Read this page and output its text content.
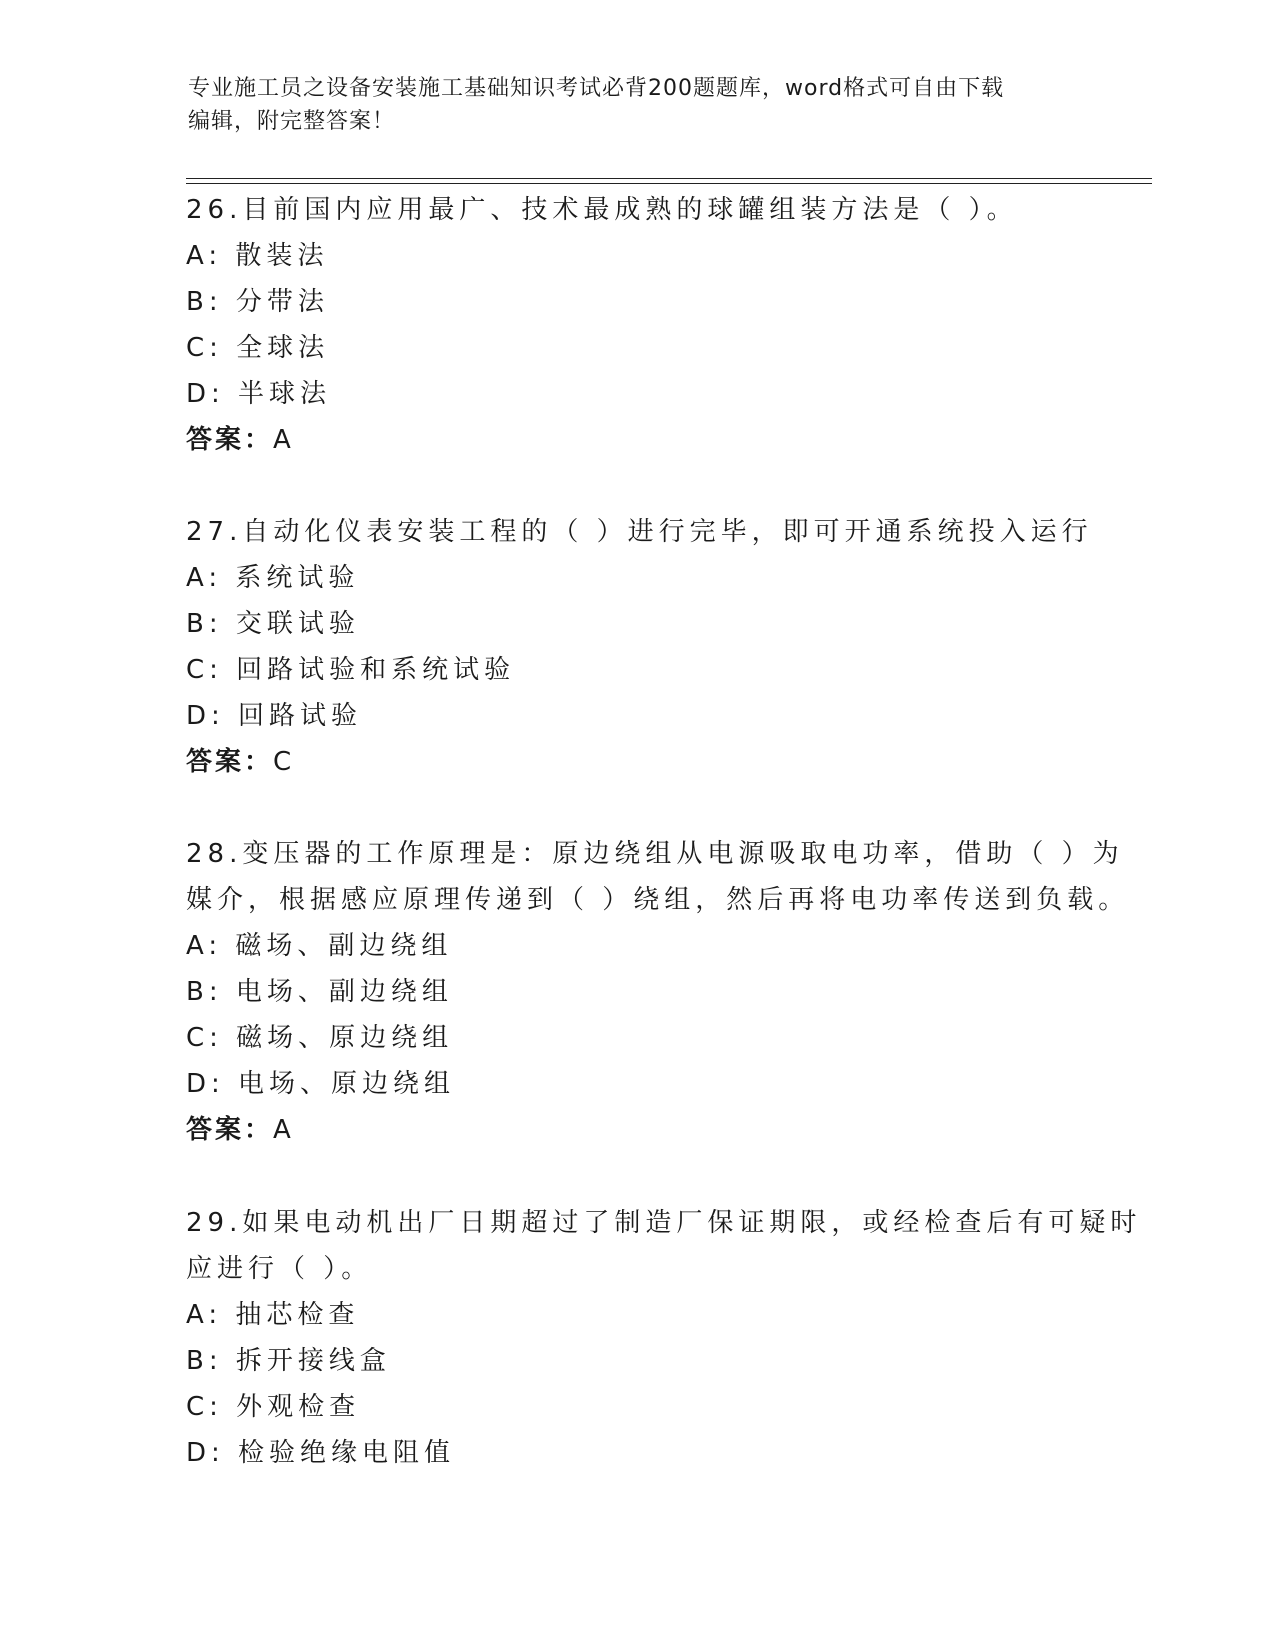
专业施工员之设备安装施工基础知识考试必背200题题库，word格式可自由下载
编辑，附完整答案！
26.目前国内应用最广、技术最成熟的球罐组装方法是（ ）。
A: 散装法
B: 分带法
C: 全球法
D: 半球法
答案：A
27.自动化仪表安装工程的（ ）进行完毕，即可开通系统投入运行
A: 系统试验
B: 交联试验
C: 回路试验和系统试验
D: 回路试验
答案：C
28.变压器的工作原理是：原边绕组从电源吸取电功率，借助（ ）为
媒介，根据感应原理传递到（ ）绕组，然后再将电功率传送到负载。
A: 磁场、副边绕组
B: 电场、副边绕组
C: 磁场、原边绕组
D: 电场、原边绕组
答案：A
29.如果电动机出厂日期超过了制造厂保证期限，或经检查后有可疑时
应进行（ ）。
A: 抽芯检查
B: 拆开接线盒
C: 外观检查
D: 检验绝缘电阻值
